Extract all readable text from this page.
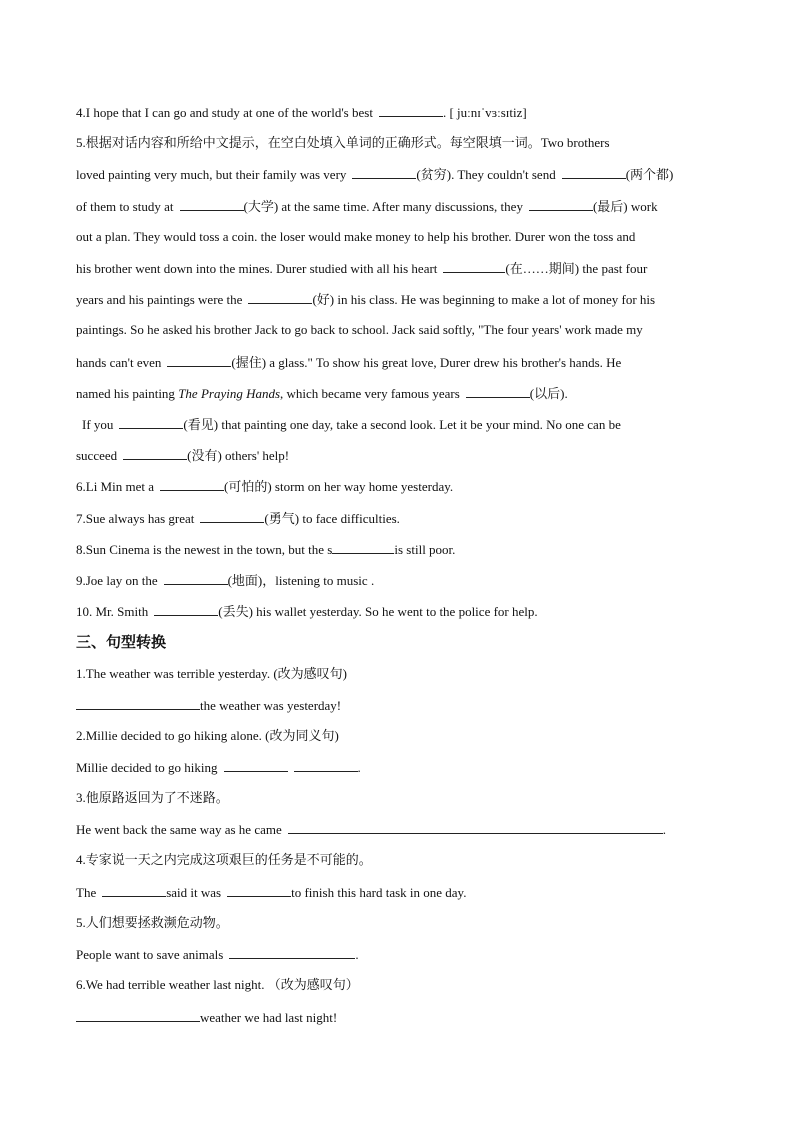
4.I hope that I can go and study at one of the world's best	. [ juːnɪˈvɜːsɪtiz]
5.根据对话内容和所给中文提示，在空白处填入单词的正确形式。每空限填一词。Two brothers
loved painting very much, but their family was very	(贫穷). They couldn't send	(两个都)
of them to study at	(大学) at the same time. After many discussions, they	(最后) work
out a plan. They would toss a coin. the loser would make money to help his brother. Durer won the toss and
his brother went down into the mines. Durer studied with all his heart	(在……期间) the past four
years and his paintings were the	(好) in his class. He was beginning to make a lot of money for his
paintings. So he asked his brother Jack to go back to school. Jack said softly, "The four years' work made my
hands can't even	(握住) a glass." To show his great love, Durer drew his brother's hands. He
named his painting The Praying Hands, which became very famous years	(以后).
If you	(看见) that painting one day, take a second look. Let it be your mind. No one can be
succeed	(没有) others' help!
6.Li Min met a	(可怕的) storm on her way home yesterday.
7.Sue always has great	(勇气) to face difficulties.
8.Sun Cinema is the newest in the town, but the s	is still poor.
9.Joe lay on the	(地面)，listening to music .
10. Mr. Smith	(丢失) his wallet yesterday. So he went to the police for help.
三、句型转换
1.The weather was terrible yesterday. (改为感叹句)
the weather was yesterday!
2.Millie decided to go hiking alone. (改为同义句)
Millie decided to go hiking	.
3.他原路返回为了不迷路。
He went back the same way as he came	.
4.专家说一天之内完成这项艰巨的任务是不可能的。
The	said it was	to finish this hard task in one day.
5.人们想要拯救濒危动物。
People want to save animals	.
6.We had terrible weather last night. （改为感叹句）
weather we had last night!
